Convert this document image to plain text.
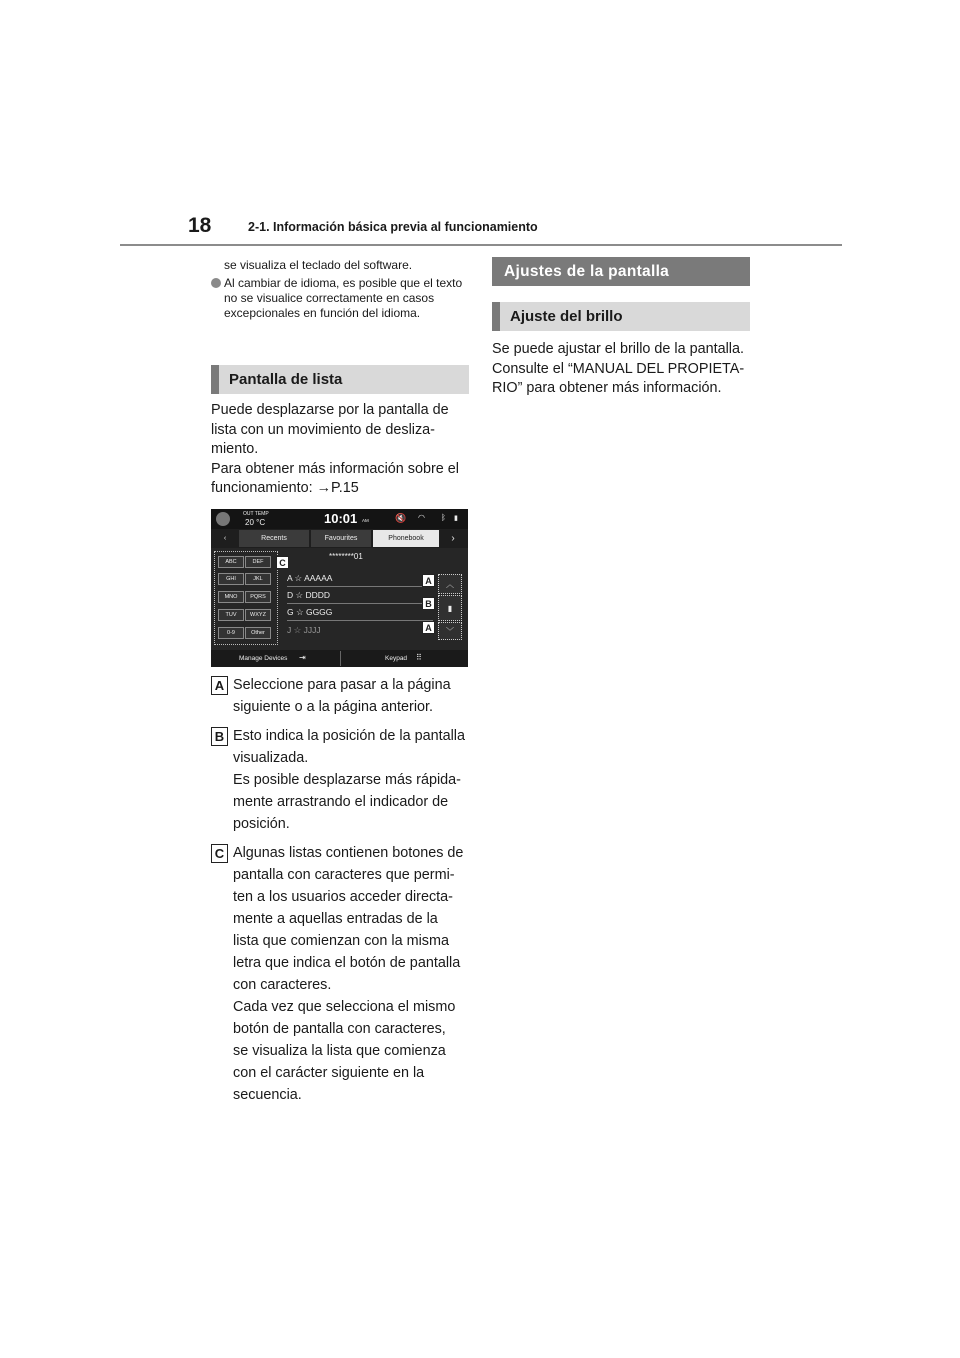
18	2-1. Información básica previa al funcionamiento
se visualiza el teclado del software.
Al cambiar de idioma, es posible que el texto no se visualice correctamente en casos excepcionales en función del idioma.
Pantalla de lista
Puede desplazarse por la pantalla de
lista con un movimiento de desliza-
miento.
Para obtener más información sobre el
funcionamiento: →P.15
OUT TEMP
20 °C	10:01 AM	🔇 ◠ ᛒ ▮
‹	Recents	Favourites	Phonebook	›
ABC	DEF
GHI	JKL
MNO	PQRS
TUV	WXYZ
0-9	Other
********01
A ☆ AAAAA
D ☆ DDDD
G ☆ GGGG
J ☆ JJJJ
︿
▮
﹀
C
A
B
A
Manage Devices ⇥	Keypad ⠿
A Seleccione para pasar a la página
siguiente o a la página anterior.
B Esto indica la posición de la pantalla
visualizada.
Es posible desplazarse más rápida-
mente arrastrando el indicador de
posición.
C Algunas listas contienen botones de
pantalla con caracteres que permi-
ten a los usuarios acceder directa-
mente a aquellas entradas de la
lista que comienzan con la misma
letra que indica el botón de pantalla
con caracteres.
Cada vez que selecciona el mismo
botón de pantalla con caracteres,
se visualiza la lista que comienza
con el carácter siguiente en la
secuencia.
Ajustes de la pantalla
Ajuste del brillo
Se puede ajustar el brillo de la pantalla.
Consulte el “MANUAL DEL PROPIETA-
RIO” para obtener más información.
